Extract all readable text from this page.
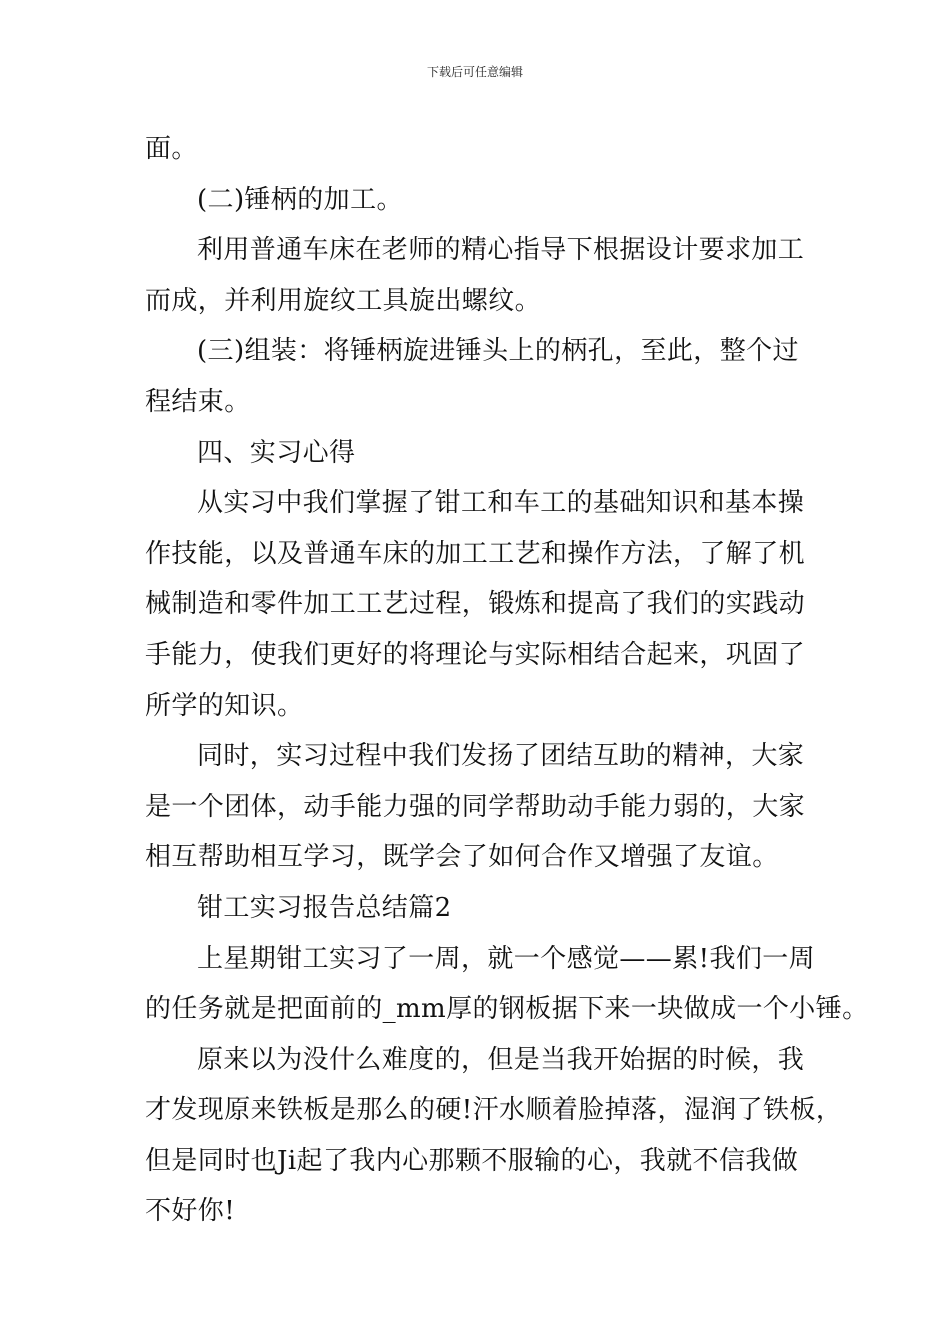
下载后可任意编辑
面。
(二)锤柄的加工。
利用普通车床在老师的精心指导下根据设计要求加工
而成，并利用旋纹工具旋出螺纹。
(三)组装：将锤柄旋进锤头上的柄孔，至此，整个过
程结束。
四、实习心得
从实习中我们掌握了钳工和车工的基础知识和基本操
作技能，以及普通车床的加工工艺和操作方法，了解了机
械制造和零件加工工艺过程，锻炼和提高了我们的实践动
手能力，使我们更好的将理论与实际相结合起来，巩固了
所学的知识。
同时，实习过程中我们发扬了团结互助的精神，大家
是一个团体，动手能力强的同学帮助动手能力弱的，大家
相互帮助相互学习，既学会了如何合作又增强了友谊。
钳工实习报告总结篇2
上星期钳工实习了一周，就一个感觉——累!我们一周
的任务就是把面前的_mm厚的钢板据下来一块做成一个小锤。
原来以为没什么难度的，但是当我开始据的时候，我
才发现原来铁板是那么的硬!汗水顺着脸掉落，湿润了铁板，
但是同时也Ji起了我内心那颗不服输的心，我就不信我做
不好你!
